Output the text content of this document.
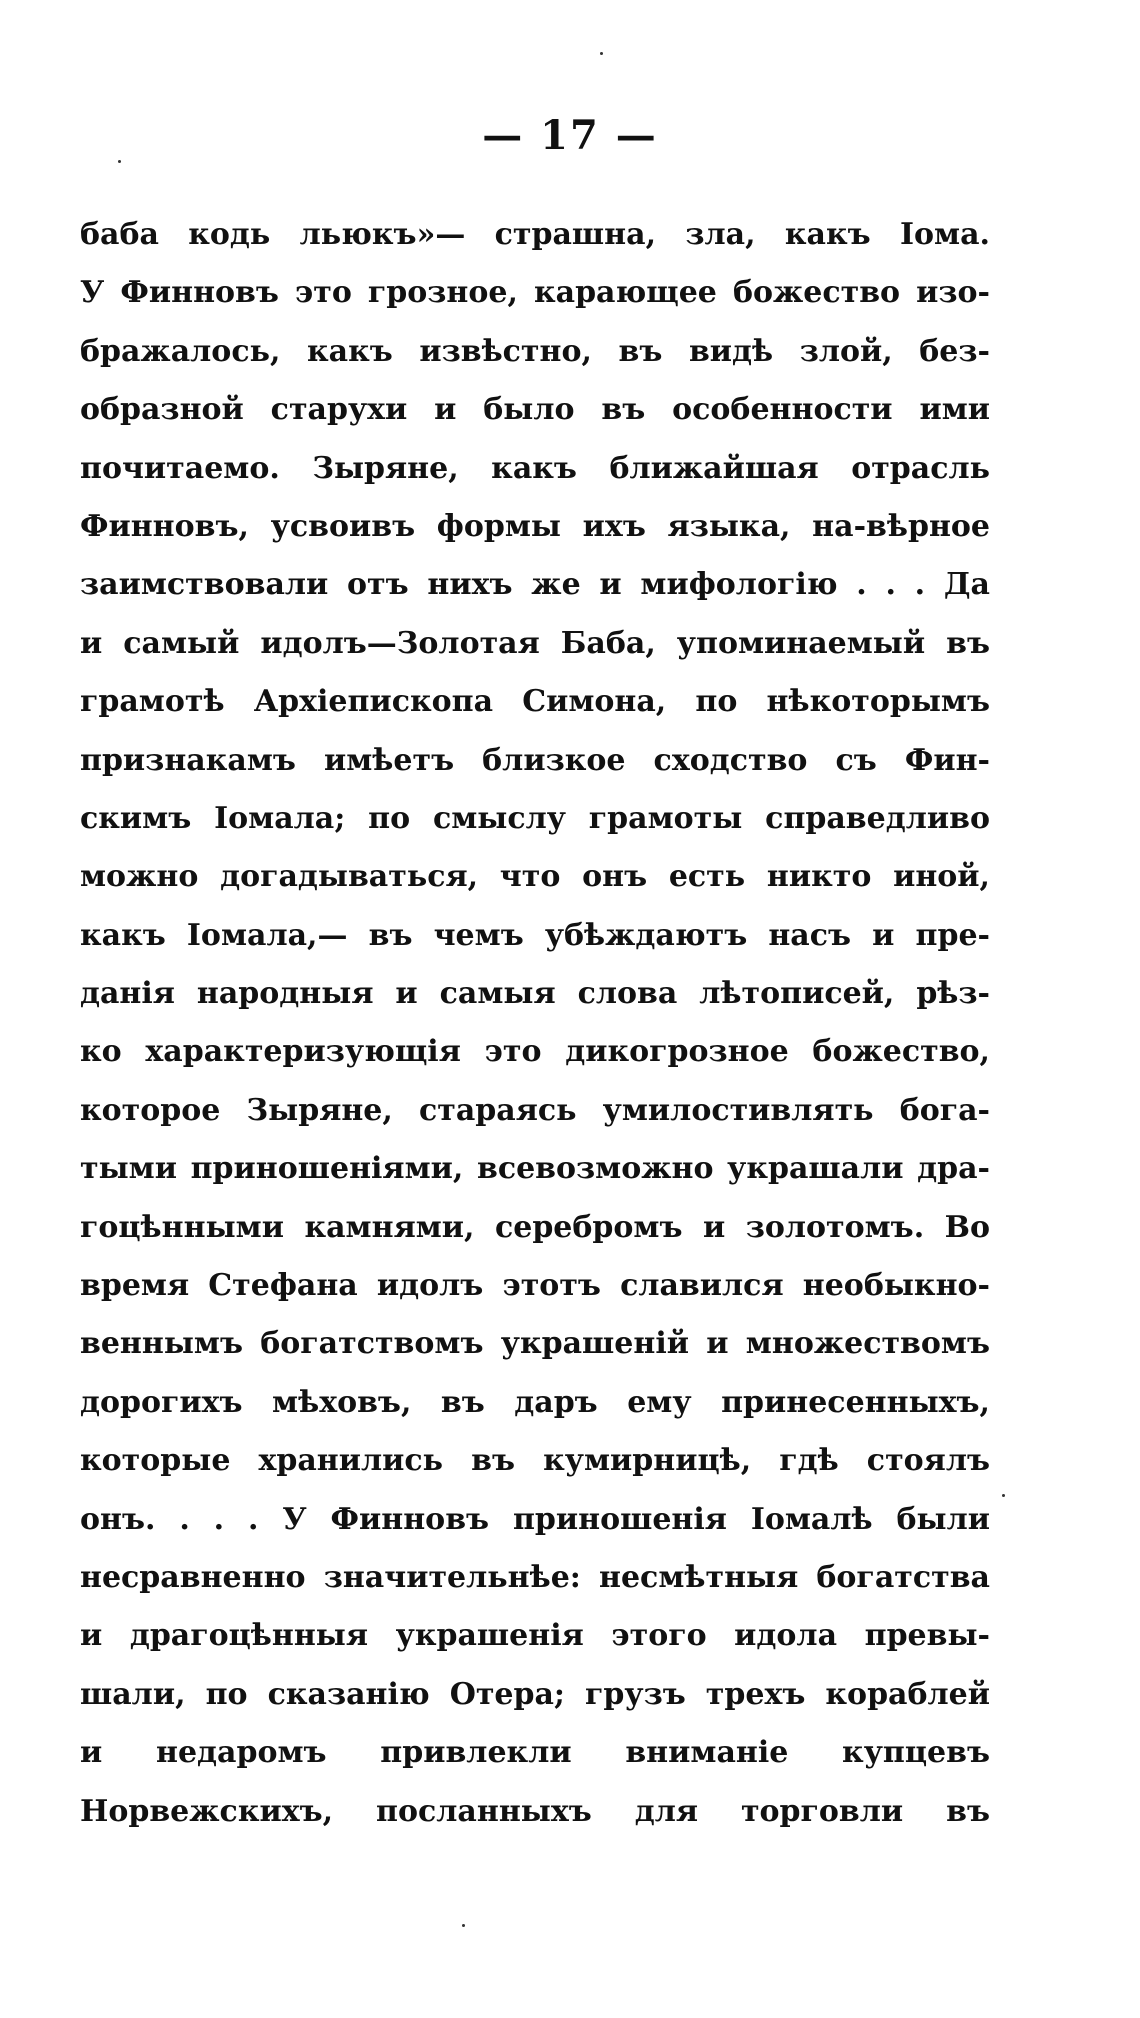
— 17 —
баба кодь льюкъ»— страшна, зла, какъ Іома.
У Финновъ это грозное, карающее божество изо-
бражалось, какъ извѣстно, въ видѣ злой, без-
образной старухи и было въ особенности ими
почитаемо. Зыряне, какъ ближайшая отрасль
Финновъ, усвоивъ формы ихъ языка, на-вѣрное
заимствовали отъ нихъ же и мифологію . . . Да
и самый идолъ—Золотая Баба, упоминаемый въ
грамотѣ Архіепископа Симона, по нѣкоторымъ
признакамъ имѣетъ близкое сходство съ Фин-
скимъ Іомала; по смыслу грамоты справедливо
можно догадываться, что онъ есть никто иной,
какъ Іомала,— въ чемъ убѣждаютъ насъ и пре-
данія народныя и самыя слова лѣтописей, рѣз-
ко характеризующія это дикогрозное божество,
которое Зыряне, стараясь умилостивлять бога-
тыми приношеніями, всевозможно украшали дра-
гоцѣнными камнями, серебромъ и золотомъ. Во
время Стефана идолъ этотъ славился необыкно-
веннымъ богатствомъ украшеній и множествомъ
дорогихъ мѣховъ, въ даръ ему принесенныхъ,
которые хранились въ кумирницѣ, гдѣ стоялъ
онъ. . . . У Финновъ приношенія Іомалѣ были
несравненно значительнѣе: несмѣтныя богатства
и драгоцѣнныя украшенія этого идола превы-
шали, по сказанію Отера; грузъ трехъ кораблей
и недаромъ привлекли вниманіе купцевъ
Норвежскихъ, посланныхъ для торговли въ
